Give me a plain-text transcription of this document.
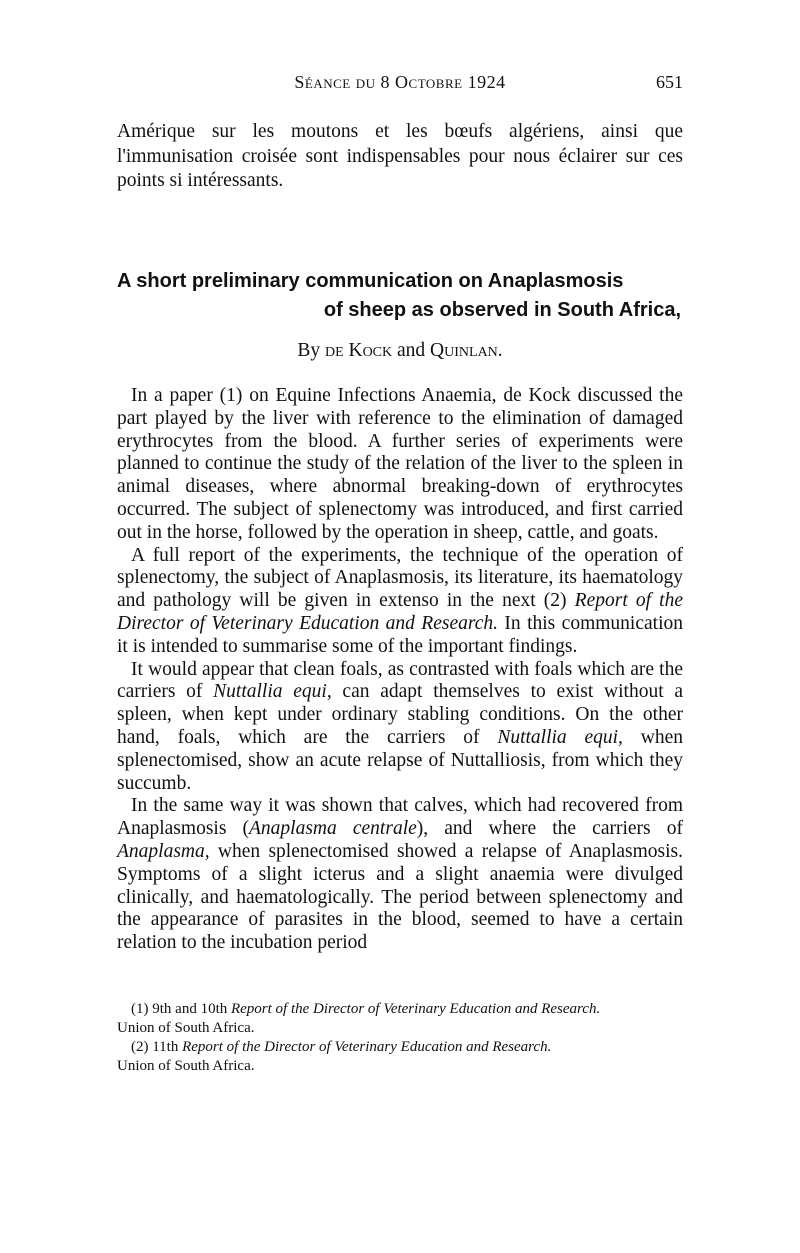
Séance du 8 Octobre 1924	651

Amérique sur les moutons et les bœufs algériens, ainsi que l'immunisation croisée sont indispensables pour nous éclairer sur ces points si intéressants.

A short preliminary communication on Anaplasmosis
of sheep as observed in South Africa,
By de Kock and Quinlan.

In a paper (1) on Equine Infections Anaemia, de Kock discussed the part played by the liver with reference to the elimination of damaged erythrocytes from the blood. A further series of experiments were planned to continue the study of the relation of the liver to the spleen in animal diseases, where abnormal breaking-down of erythrocytes occurred. The subject of splenectomy was introduced, and first carried out in the horse, followed by the operation in sheep, cattle, and goats.

A full report of the experiments, the technique of the operation of splenectomy, the subject of Anaplasmosis, its literature, its haematology and pathology will be given in extenso in the next (2) Report of the Director of Veterinary Education and Research. In this communication it is intended to summarise some of the important findings.

It would appear that clean foals, as contrasted with foals which are the carriers of Nuttallia equi, can adapt themselves to exist without a spleen, when kept under ordinary stabling conditions. On the other hand, foals, which are the carriers of Nuttallia equi, when splenectomised, show an acute relapse of Nuttalliosis, from which they succumb.

In the same way it was shown that calves, which had recovered from Anaplasmosis (Anaplasma centrale), and where the carriers of Anaplasma, when splenectomised showed a relapse of Anaplasmosis. Symptoms of a slight icterus and a slight anaemia were divulged clinically, and haematologically. The period between splenectomy and the appearance of parasites in the blood, seemed to have a certain relation to the incubation period

(1) 9th and 10th Report of the Director of Veterinary Education and Research.

Union of South Africa.

(2) 11th Report of the Director of Veterinary Education and Research.

Union of South Africa.
